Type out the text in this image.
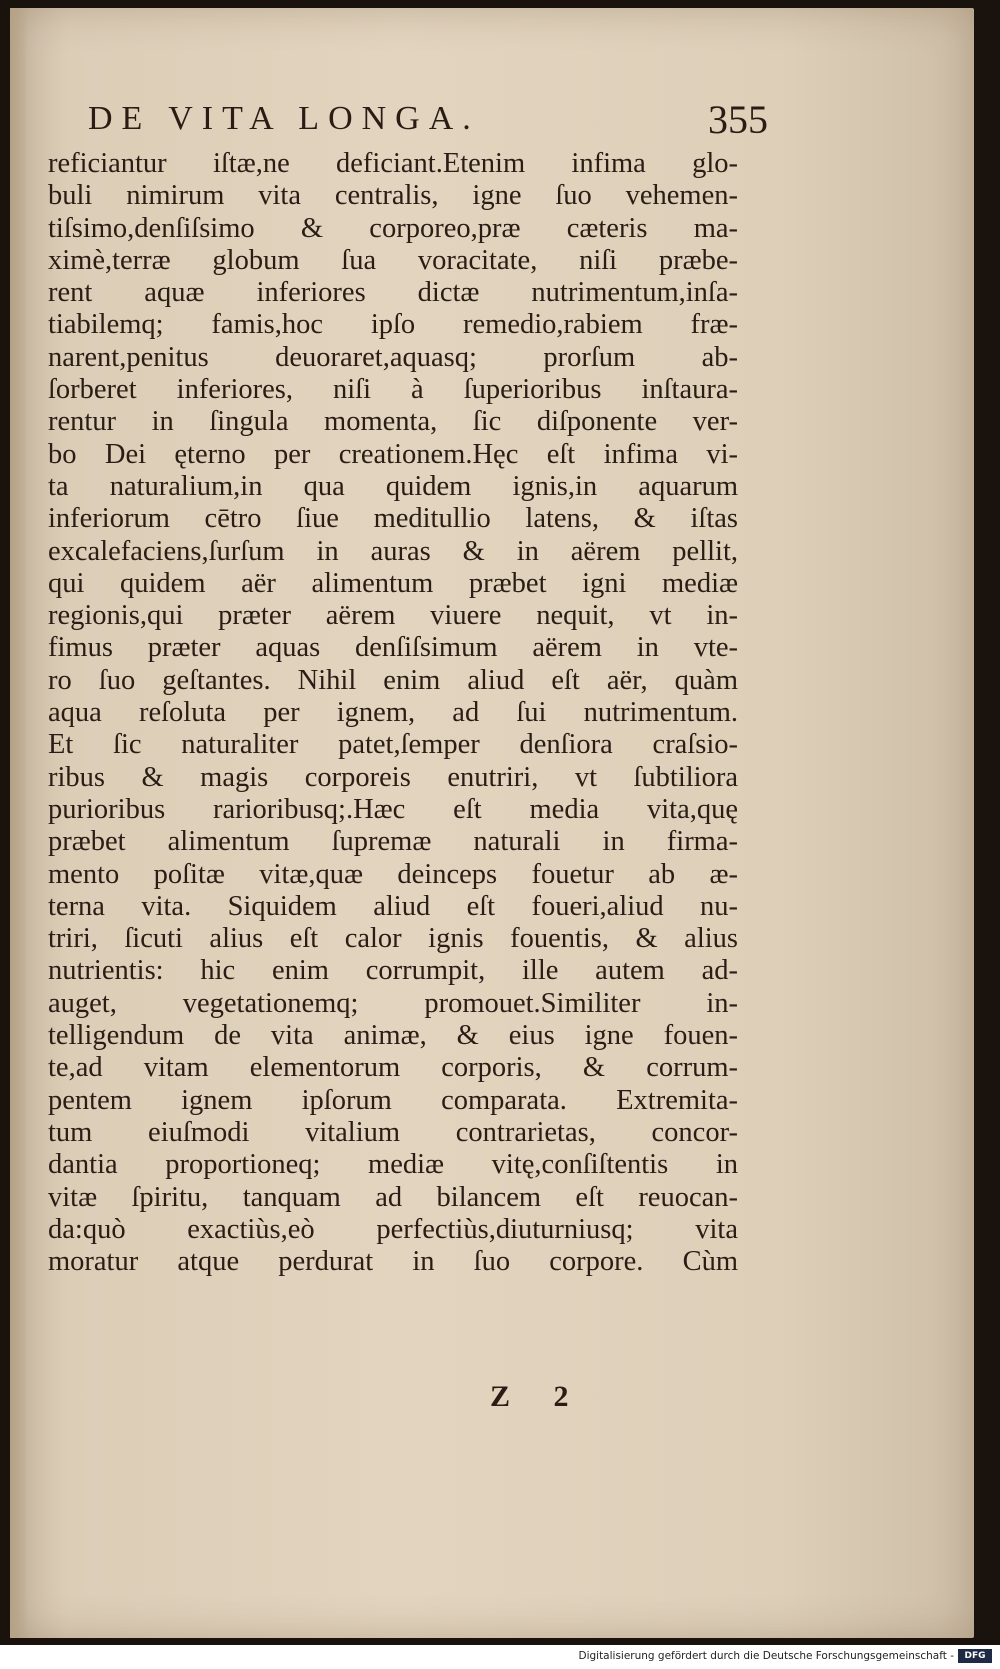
DE VITA LONGA.	355
reficiantur iſtæ,ne deficiant.Etenim infima glo-
buli nimirum vita centralis, igne ſuo vehemen-
tiſsimo,denſiſsimo & corporeo,præ cæteris ma-
ximè,terræ globum ſua voracitate, niſi præbe-
rent aquæ inferiores dictæ nutrimentum,inſa-
tiabilemq; famis,hoc ipſo remedio,rabiem fræ-
narent,penitus deuoraret,aquasq; prorſum ab-
ſorberet inferiores, niſi à ſuperioribus inſtaura-
rentur in ſingula momenta, ſic diſponente ver-
bo Dei ęterno per creationem.Hęc eſt infima vi-
ta naturalium,in qua quidem ignis,in aquarum
inferiorum cētro ſiue meditullio latens, & iſtas
excalefaciens,ſurſum in auras & in aërem pellit,
qui quidem aër alimentum præbet igni mediæ
regionis,qui præter aërem viuere nequit, vt in-
fimus præter aquas denſiſsimum aërem in vte-
ro ſuo geſtantes. Nihil enim aliud eſt aër, quàm
aqua reſoluta per ignem, ad ſui nutrimentum.
Et ſic naturaliter patet,ſemper denſiora craſsio-
ribus & magis corporeis enutriri, vt ſubtiliora
purioribus rarioribusq;.Hæc eſt media vita,quę
præbet alimentum ſupremæ naturali in firma-
mento poſitæ vitæ,quæ deinceps fouetur ab æ-
terna vita. Siquidem aliud eſt foueri,aliud nu-
triri, ſicuti alius eſt calor ignis fouentis, & alius
nutrientis: hic enim corrumpit, ille autem ad-
auget, vegetationemq; promouet.Similiter in-
telligendum de vita animæ, & eius igne fouen-
te,ad vitam elementorum corporis, & corrum-
pentem ignem ipſorum comparata. Extremita-
tum eiuſmodi vitalium contrarietas, concor-
dantia proportioneq; mediæ vitę,conſiſtentis in
vitæ ſpiritu, tanquam ad bilancem eſt reuocan-
da:quò exactiùs,eò perfectiùs,diuturniusq; vita
moratur atque perdurat in ſuo corpore. Cùm
Z 2
Digitalisierung gefördert durch die Deutsche Forschungsgemeinschaft -	DFG
